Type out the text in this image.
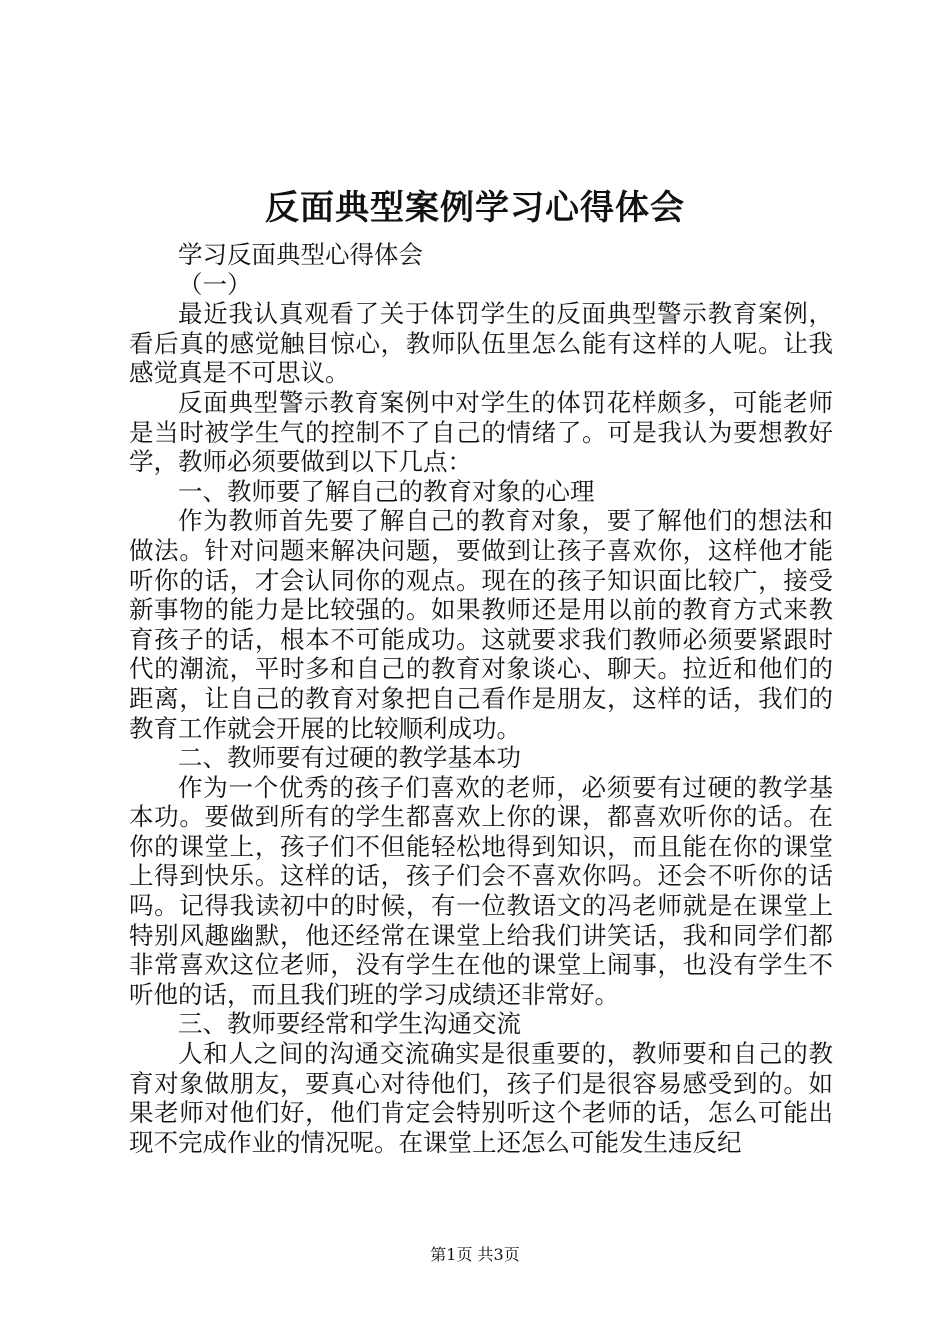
反面典型案例学习心得体会

学习反面典型心得体会

（一）

最近我认真观看了关于体罚学生的反面典型警示教育案例，看后真的感觉触目惊心，教师队伍里怎么能有这样的人呢。让我感觉真是不可思议。

反面典型警示教育案例中对学生的体罚花样颇多，可能老师是当时被学生气的控制不了自己的情绪了。可是我认为要想教好学，教师必须要做到以下几点：

一、教师要了解自己的教育对象的心理

作为教师首先要了解自己的教育对象，要了解他们的想法和做法。针对问题来解决问题，要做到让孩子喜欢你，这样他才能听你的话，才会认同你的观点。现在的孩子知识面比较广，接受新事物的能力是比较强的。如果教师还是用以前的教育方式来教育孩子的话，根本不可能成功。这就要求我们教师必须要紧跟时代的潮流，平时多和自己的教育对象谈心、聊天。拉近和他们的距离，让自己的教育对象把自己看作是朋友，这样的话，我们的教育工作就会开展的比较顺利成功。

二、教师要有过硬的教学基本功

作为一个优秀的孩子们喜欢的老师，必须要有过硬的教学基本功。要做到所有的学生都喜欢上你的课，都喜欢听你的话。在你的课堂上，孩子们不但能轻松地得到知识，而且能在你的课堂上得到快乐。这样的话，孩子们会不喜欢你吗。还会不听你的话吗。记得我读初中的时候，有一位教语文的冯老师就是在课堂上特别风趣幽默，他还经常在课堂上给我们讲笑话，我和同学们都非常喜欢这位老师，没有学生在他的课堂上闹事，也没有学生不听他的话，而且我们班的学习成绩还非常好。

三、教师要经常和学生沟通交流

人和人之间的沟通交流确实是很重要的，教师要和自己的教育对象做朋友，要真心对待他们，孩子们是很容易感受到的。如果老师对他们好，他们肯定会特别听这个老师的话，怎么可能出现不完成作业的情况呢。在课堂上还怎么可能发生违反纪

第1页 共3页
